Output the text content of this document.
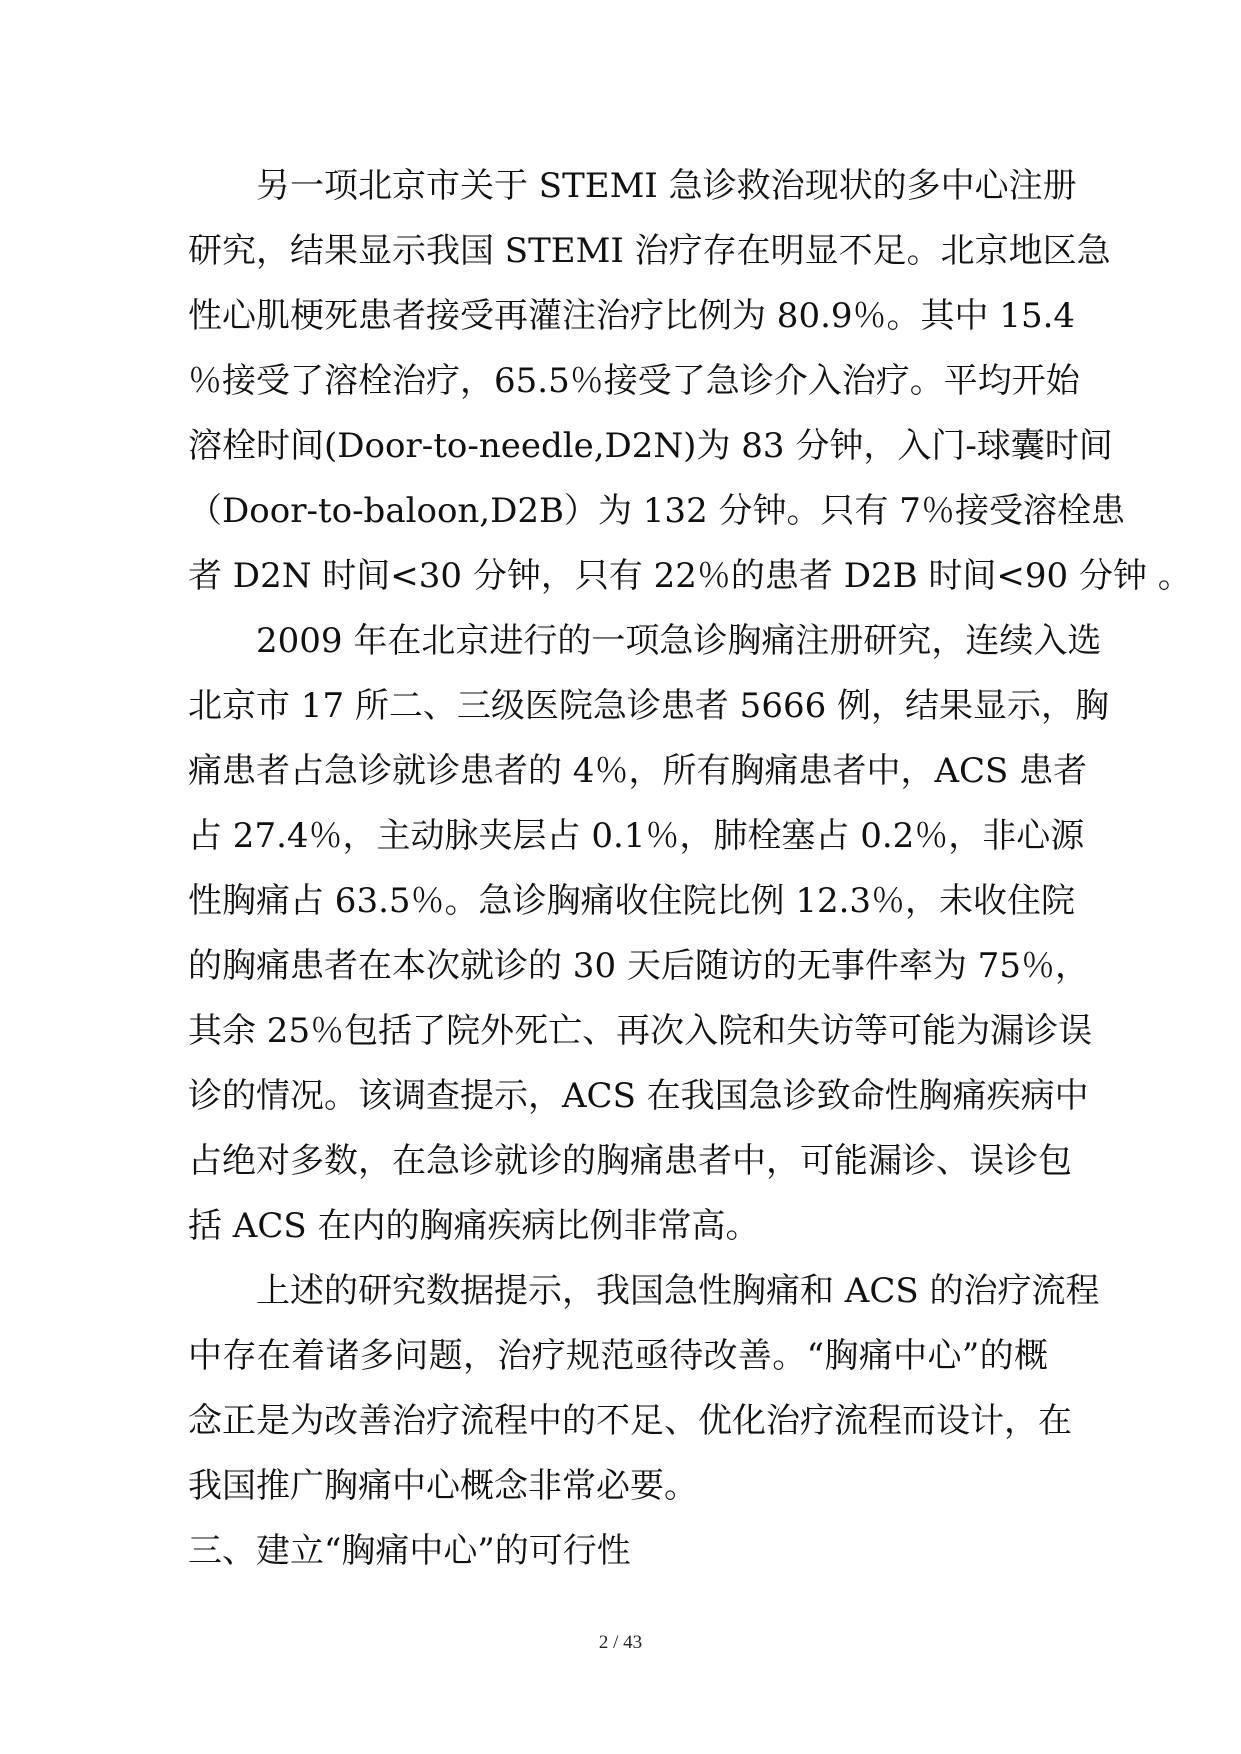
另一项北京市关于 STEMI 急诊救治现状的多中心注册
研究，结果显示我国 STEMI 治疗存在明显不足。北京地区急
性心肌梗死患者接受再灌注治疗比例为 80.9％。其中 15.4
％接受了溶栓治疗，65.5％接受了急诊介入治疗。平均开始
溶栓时间(Door-to-needle,D2N)为 83 分钟，入门-球囊时间
（Door-to-baloon,D2B）为 132 分钟。只有 7％接受溶栓患
者 D2N 时间<30 分钟，只有 22％的患者 D2B 时间<90 分钟 。
2009 年在北京进行的一项急诊胸痛注册研究，连续入选
北京市 17 所二、三级医院急诊患者 5666 例，结果显示，胸
痛患者占急诊就诊患者的 4％，所有胸痛患者中，ACS 患者
占 27.4％，主动脉夹层占 0.1％，肺栓塞占 0.2％，非心源
性胸痛占 63.5％。急诊胸痛收住院比例 12.3％，未收住院
的胸痛患者在本次就诊的 30 天后随访的无事件率为 75％，
其余 25％包括了院外死亡、再次入院和失访等可能为漏诊误
诊的情况。该调查提示，ACS 在我国急诊致命性胸痛疾病中
占绝对多数，在急诊就诊的胸痛患者中，可能漏诊、误诊包
括 ACS 在内的胸痛疾病比例非常高。
上述的研究数据提示，我国急性胸痛和 ACS 的治疗流程
中存在着诸多问题，治疗规范亟待改善。“胸痛中心”的概
念正是为改善治疗流程中的不足、优化治疗流程而设计，在
我国推广胸痛中心概念非常必要。
三、建立“胸痛中心”的可行性
2 / 43
